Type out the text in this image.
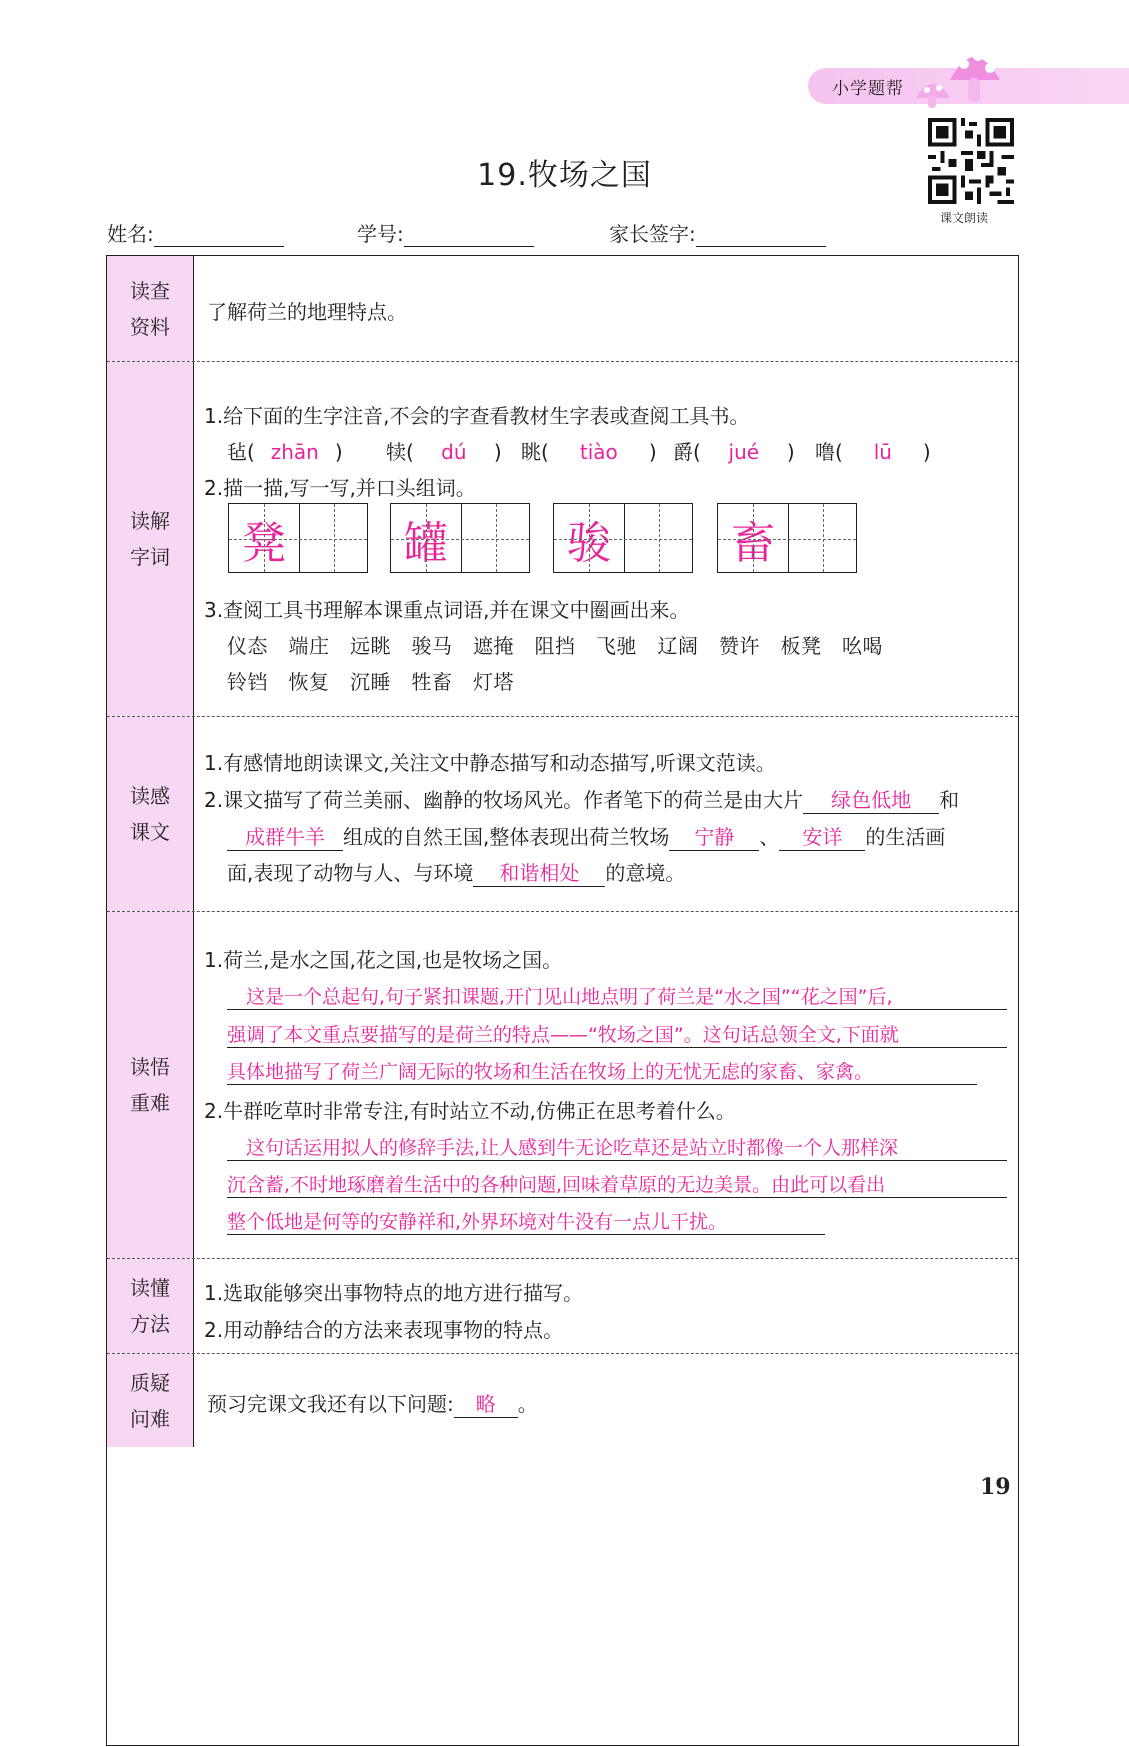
小学题帮
课文朗读
19.牧场之国
姓名:	学号:	家长签字:
读查
资料
了解荷兰的地理特点。
读解
字词
1.给下面的生字注音,不会的字查看教材生字表或查阅工具书。
毡( zhān ) 犊( dú ) 眺( tiào ) 爵( jué ) 噜( lū )
2.描一描,写一写,并口头组词。
凳	罐	骏	畜
3.查阅工具书理解本课重点词语,并在课文中圈画出来。
仪态　端庄　远眺　骏马　遮掩　阻挡　飞驰　辽阔　赞许　板凳　吆喝
铃铛　恢复　沉睡　牲畜　灯塔
读感
课文
1.有感情地朗读课文,关注文中静态描写和动态描写,听课文范读。
2.课文描写了荷兰美丽、幽静的牧场风光。作者笔下的荷兰是由大片 绿色低地 和
成群牛羊 组成的自然王国,整体表现出荷兰牧场 宁静 、 安详 的生活画
面,表现了动物与人、与环境 和谐相处 的意境。
读悟
重难
1.荷兰,是水之国,花之国,也是牧场之国。
　这是一个总起句,句子紧扣课题,开门见山地点明了荷兰是“水之国”“花之国”后,
强调了本文重点要描写的是荷兰的特点——“牧场之国”。这句话总领全文,下面就
具体地描写了荷兰广阔无际的牧场和生活在牧场上的无忧无虑的家畜、家禽。
2.牛群吃草时非常专注,有时站立不动,仿佛正在思考着什么。
　这句话运用拟人的修辞手法,让人感到牛无论吃草还是站立时都像一个人那样深
沉含蓄,不时地琢磨着生活中的各种问题,回味着草原的无边美景。由此可以看出
整个低地是何等的安静祥和,外界环境对牛没有一点儿干扰。
读懂
方法
1.选取能够突出事物特点的地方进行描写。
2.用动静结合的方法来表现事物的特点。
质疑
问难
预习完课文我还有以下问题: 略 。
19
